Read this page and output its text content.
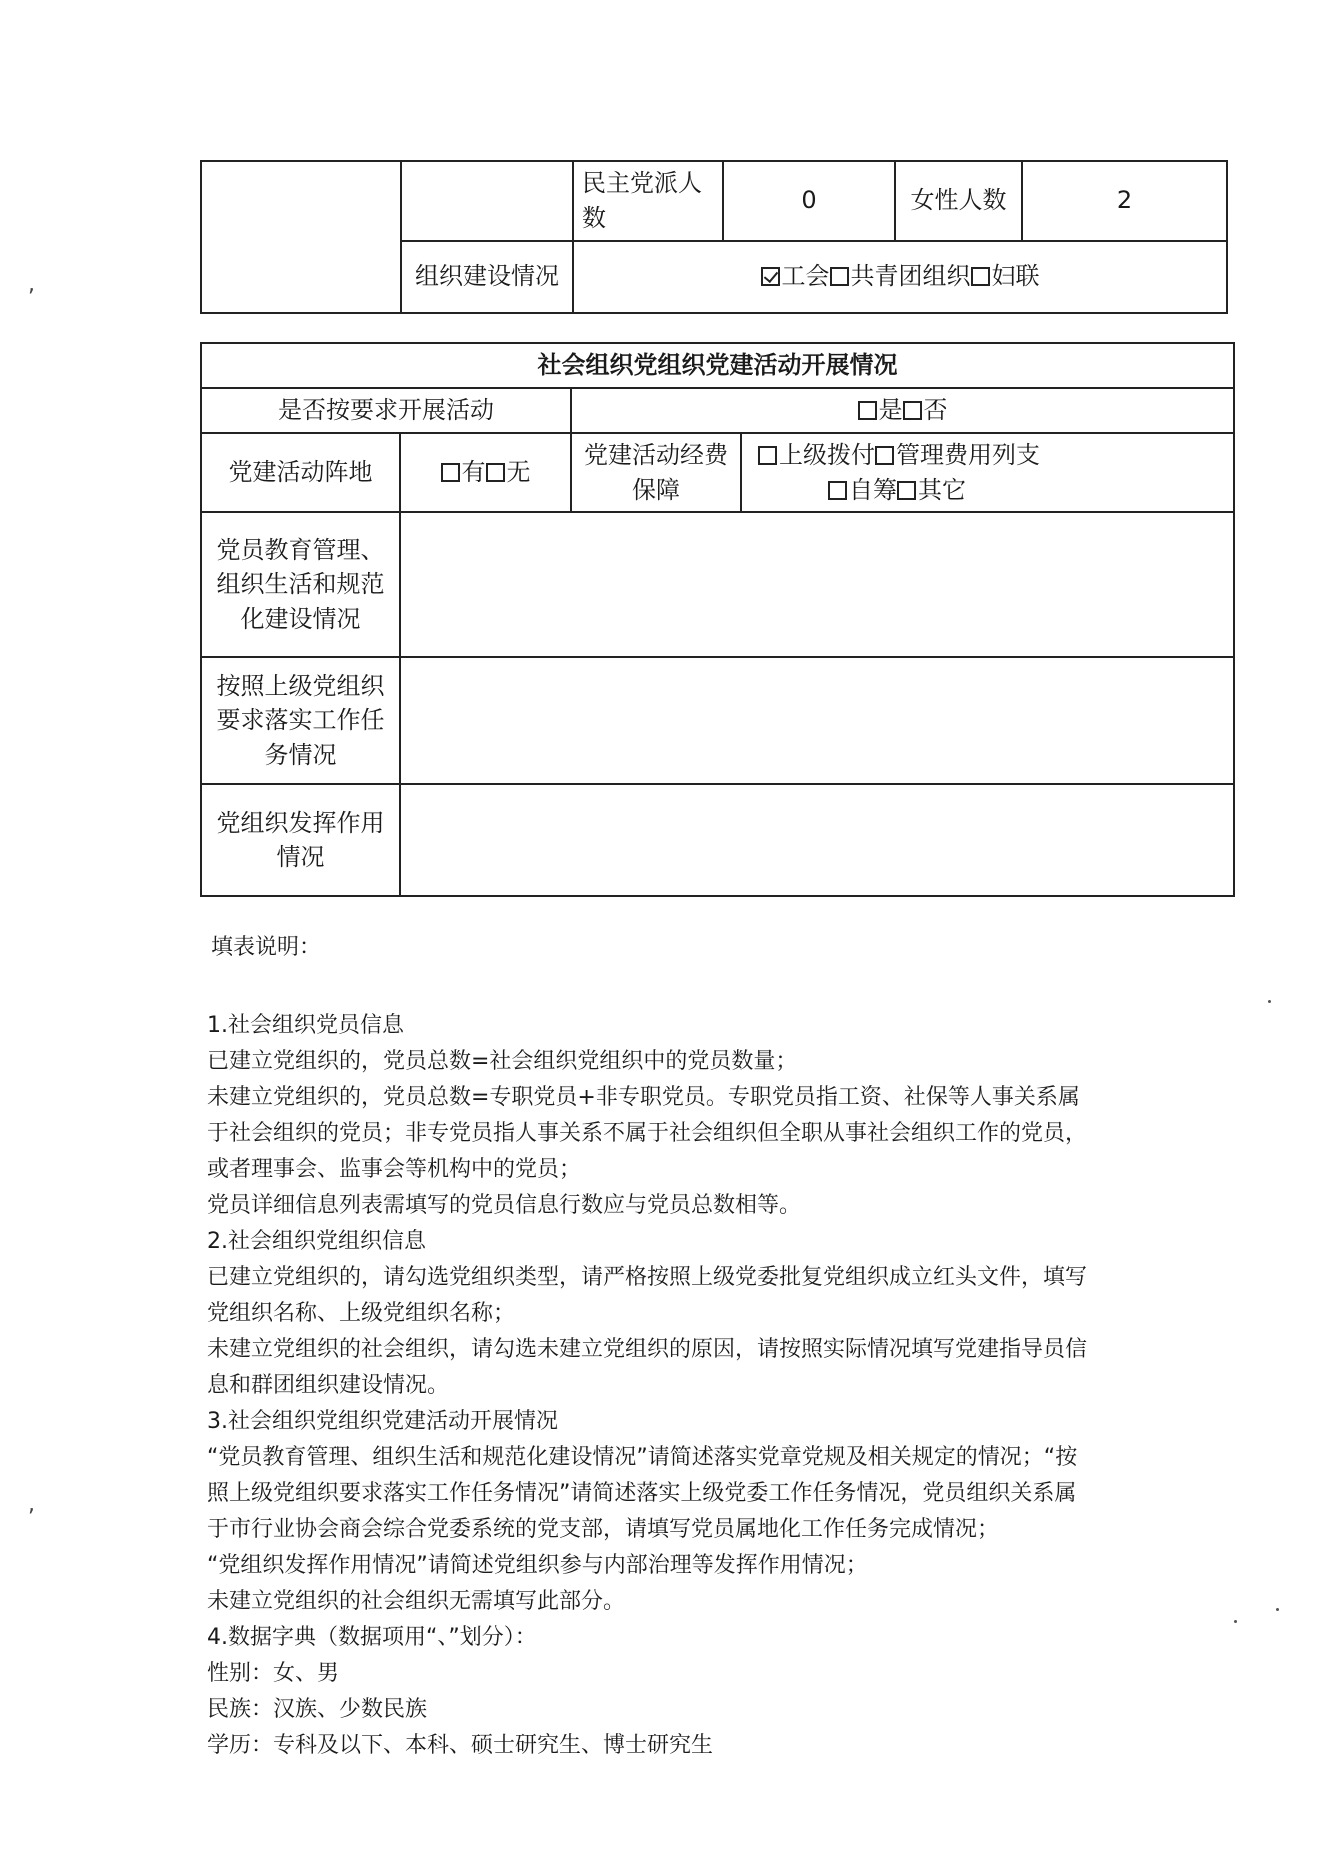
,
,
		民主党派人数	0	女性人数	2
	组织建设情况	工会 共青团组织 妇联			
社会组织党组织党建活动开展情况			
是否按要求开展活动		是 否	
党建活动阵地	有 无	党建活动经费保障	上级拨付 管理费用列支
自筹 其它

党员教育管理、组织生活和规范化建设情况			
按照上级党组织要求落实工作任务情况			
党组织发挥作用情况			

填表说明：

1.社会组织党员信息

已建立党组织的，党员总数=社会组织党组织中的党员数量；

未建立党组织的，党员总数=专职党员+非专职党员。专职党员指工资、社保等人事关系属

于社会组织的党员；非专党员指人事关系不属于社会组织但全职从事社会组织工作的党员，

或者理事会、监事会等机构中的党员；

党员详细信息列表需填写的党员信息行数应与党员总数相等。

2.社会组织党组织信息

已建立党组织的，请勾选党组织类型，请严格按照上级党委批复党组织成立红头文件，填写

党组织名称、上级党组织名称；

未建立党组织的社会组织，请勾选未建立党组织的原因，请按照实际情况填写党建指导员信

息和群团组织建设情况。

3.社会组织党组织党建活动开展情况

“党员教育管理、组织生活和规范化建设情况”请简述落实党章党规及相关规定的情况；“按

照上级党组织要求落实工作任务情况”请简述落实上级党委工作任务情况，党员组织关系属

于市行业协会商会综合党委系统的党支部，请填写党员属地化工作任务完成情况；

“党组织发挥作用情况”请简述党组织参与内部治理等发挥作用情况；

未建立党组织的社会组织无需填写此部分。

4.数据字典（数据项用“、”划分）：

性别：女、男

民族：汉族、少数民族

学历：专科及以下、本科、硕士研究生、博士研究生
